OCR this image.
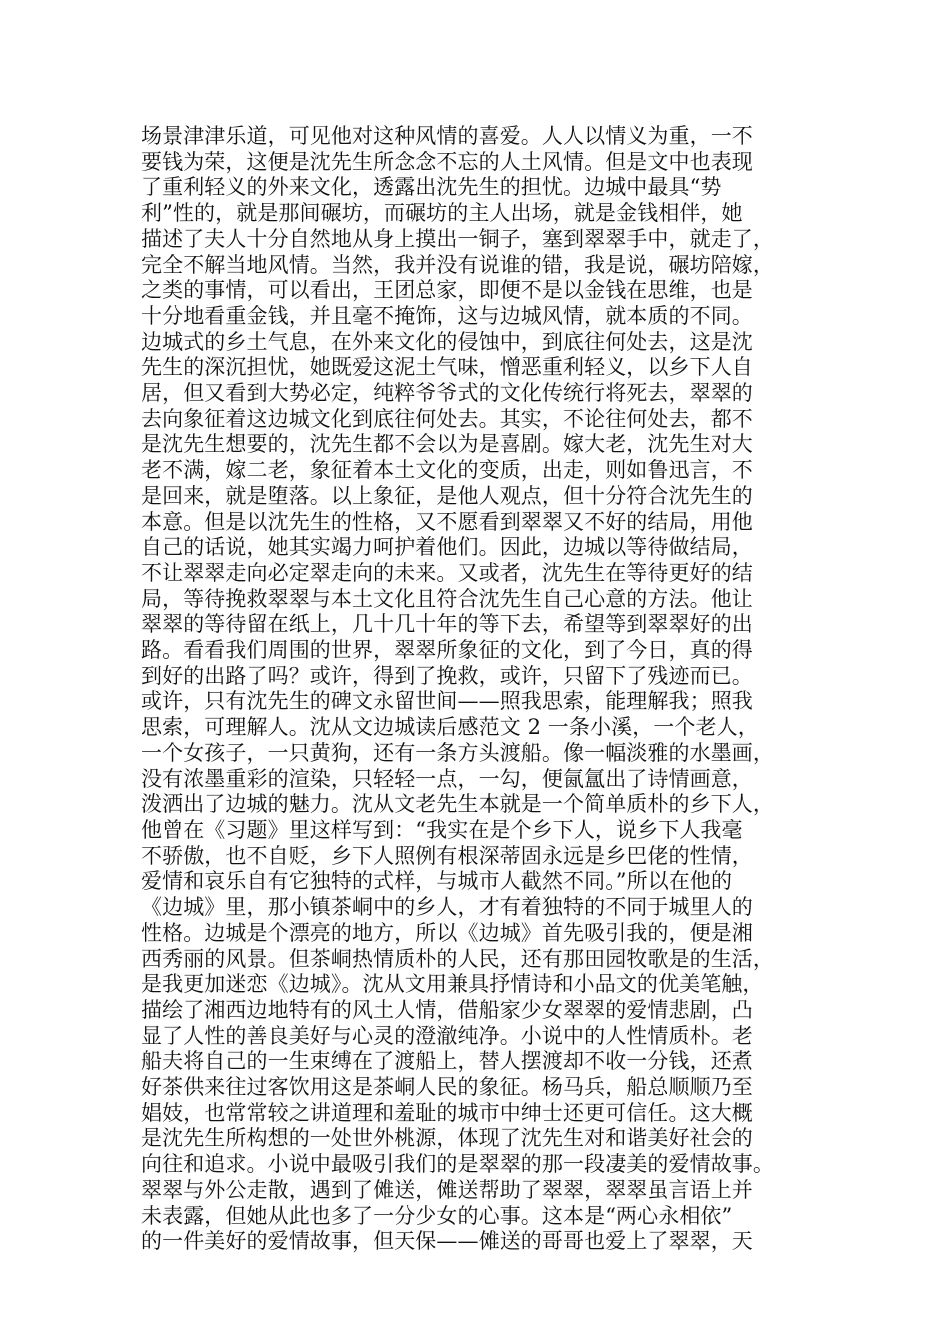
场景津津乐道，可见他对这种风情的喜爱。人人以情义为重，一不
要钱为荣，这便是沈先生所念念不忘的人土风情。但是文中也表现
了重利轻义的外来文化，透露出沈先生的担忧。边城中最具“势
利”性的，就是那间碾坊，而碾坊的主人出场，就是金钱相伴，她
描述了夫人十分自然地从身上摸出一铜子，塞到翠翠手中，就走了，
完全不解当地风情。当然，我并没有说谁的错，我是说，碾坊陪嫁，
之类的事情，可以看出，王团总家，即便不是以金钱在思维，也是
十分地看重金钱，并且毫不掩饰，这与边城风情，就本质的不同。
边城式的乡土气息，在外来文化的侵蚀中，到底往何处去，这是沈
先生的深沉担忧，她既爱这泥土气味，憎恶重利轻义，以乡下人自
居，但又看到大势必定，纯粹爷爷式的文化传统行将死去，翠翠的
去向象征着这边城文化到底往何处去。其实，不论往何处去，都不
是沈先生想要的，沈先生都不会以为是喜剧。嫁大老，沈先生对大
老不满，嫁二老，象征着本土文化的变质，出走，则如鲁迅言，不
是回来，就是堕落。以上象征，是他人观点，但十分符合沈先生的
本意。但是以沈先生的性格，又不愿看到翠翠又不好的结局，用他
自己的话说，她其实竭力呵护着他们。因此，边城以等待做结局，
不让翠翠走向必定翠走向的未来。又或者，沈先生在等待更好的结
局，等待挽救翠翠与本土文化且符合沈先生自己心意的方法。他让
翠翠的等待留在纸上，几十几十年的等下去，希望等到翠翠好的出
路。看看我们周围的世界，翠翠所象征的文化，到了今日，真的得
到好的出路了吗？或许，得到了挽救，或许，只留下了残迹而已。
或许，只有沈先生的碑文永留世间——照我思索，能理解我；照我
思索，可理解人。沈从文边城读后感范文 2 一条小溪，一个老人，
一个女孩子，一只黄狗，还有一条方头渡船。像一幅淡雅的水墨画，
没有浓墨重彩的渲染，只轻轻一点，一勾，便氤氲出了诗情画意，
泼洒出了边城的魅力。沈从文老先生本就是一个简单质朴的乡下人，
他曾在《习题》里这样写到：“我实在是个乡下人，说乡下人我毫
不骄傲，也不自贬，乡下人照例有根深蒂固永远是乡巴佬的性情，
爱情和哀乐自有它独特的式样，与城市人截然不同。”所以在他的
《边城》里，那小镇茶峒中的乡人，才有着独特的不同于城里人的
性格。边城是个漂亮的地方，所以《边城》首先吸引我的，便是湘
西秀丽的风景。但茶峒热情质朴的人民，还有那田园牧歌是的生活，
是我更加迷恋《边城》。沈从文用兼具抒情诗和小品文的优美笔触，
描绘了湘西边地特有的风土人情，借船家少女翠翠的爱情悲剧，凸
显了人性的善良美好与心灵的澄澈纯净。小说中的人性情质朴。老
船夫将自己的一生束缚在了渡船上，替人摆渡却不收一分钱，还煮
好茶供来往过客饮用这是茶峒人民的象征。杨马兵，船总顺顺乃至
娼妓，也常常较之讲道理和羞耻的城市中绅士还更可信任。这大概
是沈先生所构想的一处世外桃源，体现了沈先生对和谐美好社会的
向往和追求。小说中最吸引我们的是翠翠的那一段凄美的爱情故事。
翠翠与外公走散，遇到了傩送，傩送帮助了翠翠，翠翠虽言语上并
未表露，但她从此也多了一分少女的心事。这本是“两心永相依”
的一件美好的爱情故事，但天保——傩送的哥哥也爱上了翠翠，天
